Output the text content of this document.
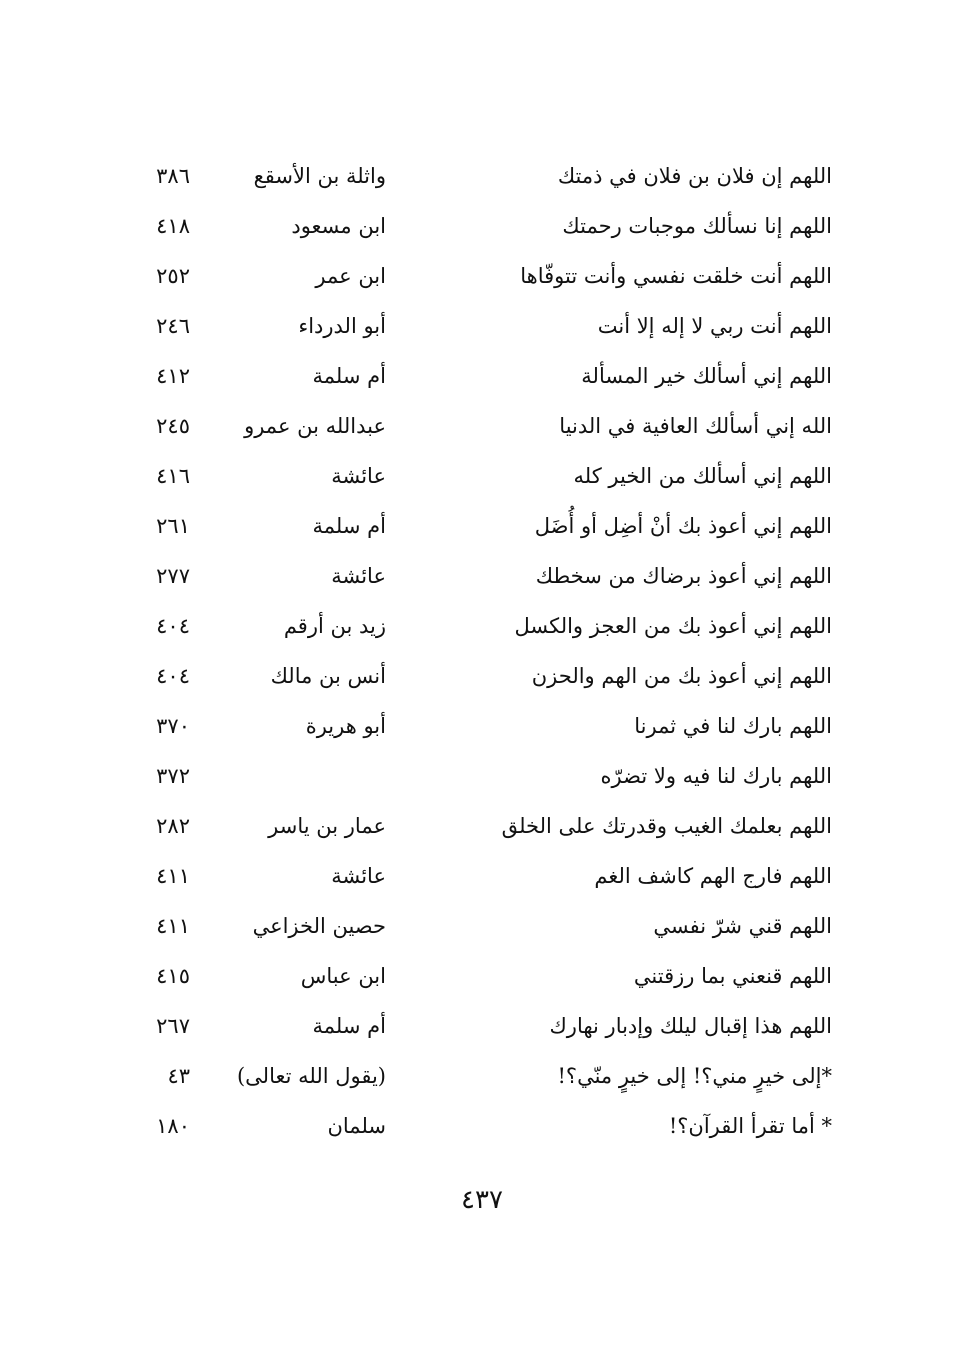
اللهم إن فلان بن فلان في ذمتك
واثلة بن الأسقع
٣٨٦
اللهم إنا نسألك موجبات رحمتك
ابن مسعود
٤١٨
اللهم أنت خلقت نفسي وأنت تتوفّاها
ابن عمر
٢٥٢
اللهم أنت ربي لا إله إلا أنت
أبو الدرداء
٢٤٦
اللهم إني أسألك خير المسألة
أم سلمة
٤١٢
الله إني أسألك العافية في الدنيا
عبدالله بن عمرو
٢٤٥
اللهم إني أسألك من الخير كله
عائشة
٤١٦
اللهم إني أعوذ بك أنْ أضِل أو أُضَل
أم سلمة
٢٦١
اللهم إني أعوذ برضاك من سخطك
عائشة
٢٧٧
اللهم إني أعوذ بك من العجز والكسل
زيد بن أرقم
٤٠٤
اللهم إني أعوذ بك من الهم والحزن
أنس بن مالك
٤٠٤
اللهم بارك لنا في ثمرنا
أبو هريرة
٣٧٠
اللهم بارك لنا فيه ولا تضرّه
٣٧٢
اللهم بعلمك الغيب وقدرتك على الخلق
عمار بن ياسر
٢٨٢
اللهم فارج الهم كاشف الغم
عائشة
٤١١
اللهم قني شرّ نفسي
حصين الخزاعي
٤١١
اللهم قنعني بما رزقتني
ابن عباس
٤١٥
اللهم هذا إقبال ليلك وإدبار نهارك
أم سلمة
٢٦٧
*إلى خيرٍ مني؟! إلى خيرٍ منّي؟!
(يقول الله تعالى)
٤٣
* أما تقرأ القرآن؟!
سلمان
١٨٠
٤٣٧
